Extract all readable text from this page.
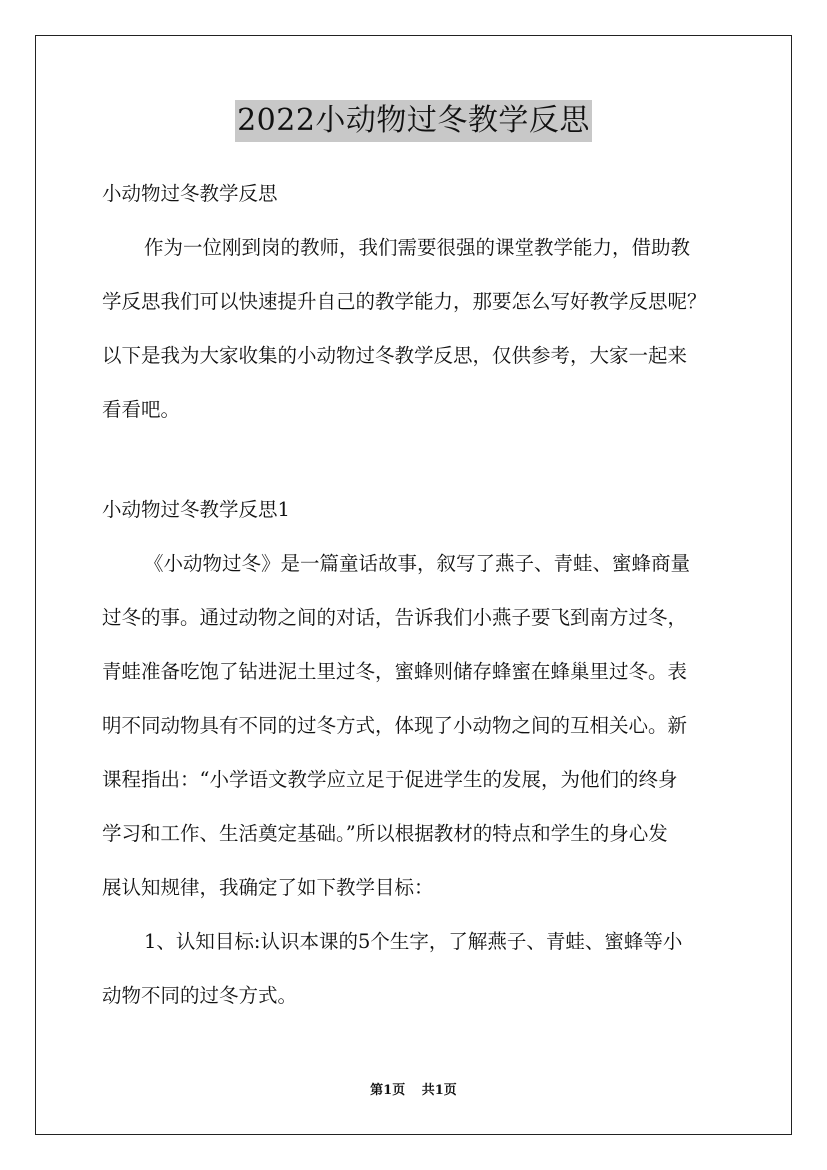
2022小动物过冬教学反思

小动物过冬教学反思

作为一位刚到岗的教师，我们需要很强的课堂教学能力，借助教

学反思我们可以快速提升自己的教学能力，那要怎么写好教学反思呢？

以下是我为大家收集的小动物过冬教学反思，仅供参考，大家一起来

看看吧。

小动物过冬教学反思1

《小动物过冬》是一篇童话故事，叙写了燕子、青蛙、蜜蜂商量

过冬的事。通过动物之间的对话，告诉我们小燕子要飞到南方过冬，

青蛙准备吃饱了钻进泥土里过冬，蜜蜂则储存蜂蜜在蜂巢里过冬。表

明不同动物具有不同的过冬方式，体现了小动物之间的互相关心。新

课程指出：“小学语文教学应立足于促进学生的发展，为他们的终身

学习和工作、生活奠定基础。”所以根据教材的特点和学生的身心发

展认知规律，我确定了如下教学目标：

1、认知目标:认识本课的5个生字，了解燕子、青蛙、蜜蜂等小

动物不同的过冬方式。

第1页 共1页
